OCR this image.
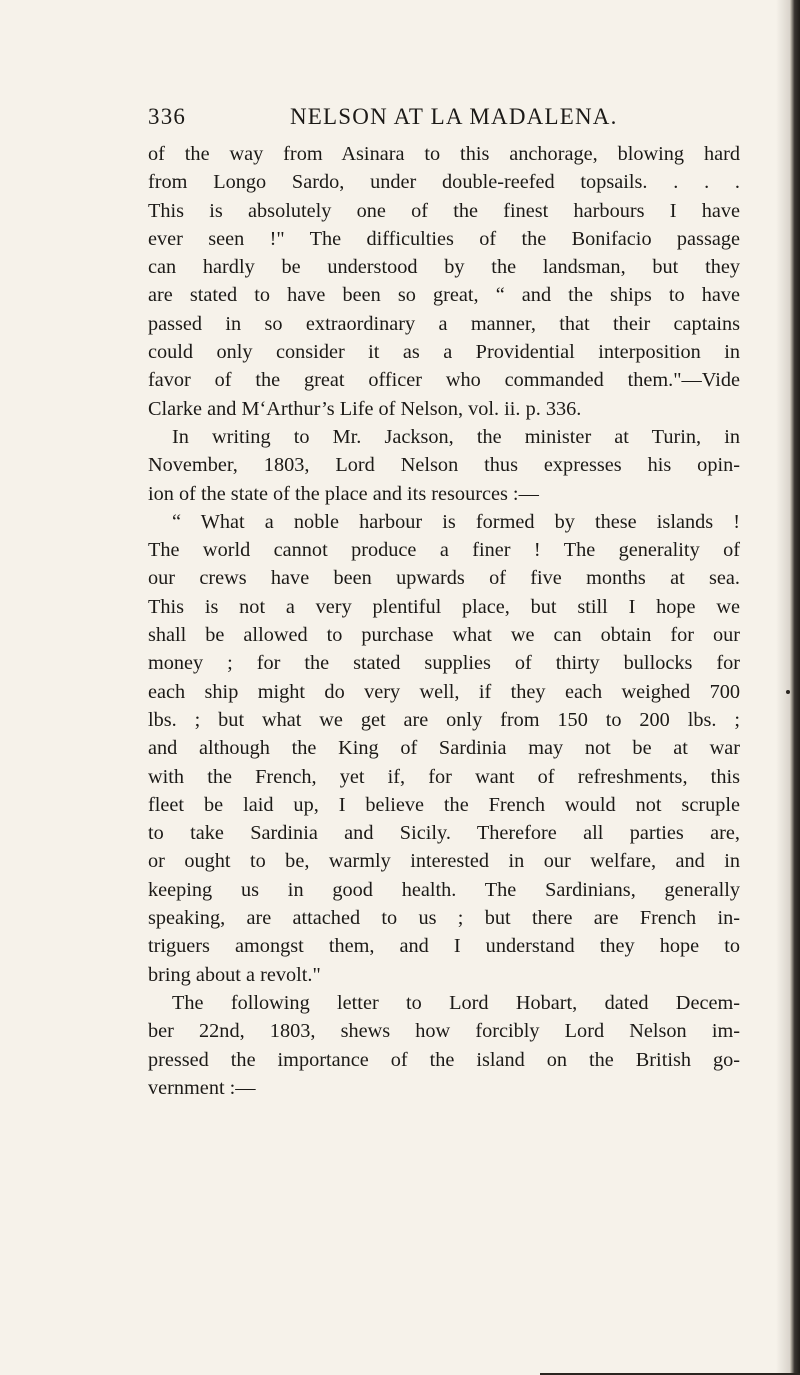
336	NELSON AT LA MADALENA.
of the way from Asinara to this anchorage, blowing hard
from Longo Sardo, under double-reefed topsails. . . .
This is absolutely one of the finest harbours I have
ever seen !" The difficulties of the Bonifacio passage
can hardly be understood by the landsman, but they
are stated to have been so great, “ and the ships to have
passed in so extraordinary a manner, that their captains
could only consider it as a Providential interposition in
favor of the great officer who commanded them."—Vide
Clarke and M‘Arthur’s Life of Nelson, vol. ii. p. 336.
In writing to Mr. Jackson, the minister at Turin, in
November, 1803, Lord Nelson thus expresses his opin-
ion of the state of the place and its resources :—
“ What a noble harbour is formed by these islands !
The world cannot produce a finer ! The generality of
our crews have been upwards of five months at sea.
This is not a very plentiful place, but still I hope we
shall be allowed to purchase what we can obtain for our
money ; for the stated supplies of thirty bullocks for
each ship might do very well, if they each weighed 700
lbs. ; but what we get are only from 150 to 200 lbs. ;
and although the King of Sardinia may not be at war
with the French, yet if, for want of refreshments, this
fleet be laid up, I believe the French would not scruple
to take Sardinia and Sicily. Therefore all parties are,
or ought to be, warmly interested in our welfare, and in
keeping us in good health. The Sardinians, generally
speaking, are attached to us ; but there are French in-
triguers amongst them, and I understand they hope to
bring about a revolt."
The following letter to Lord Hobart, dated Decem-
ber 22nd, 1803, shews how forcibly Lord Nelson im-
pressed the importance of the island on the British go-
vernment :—
